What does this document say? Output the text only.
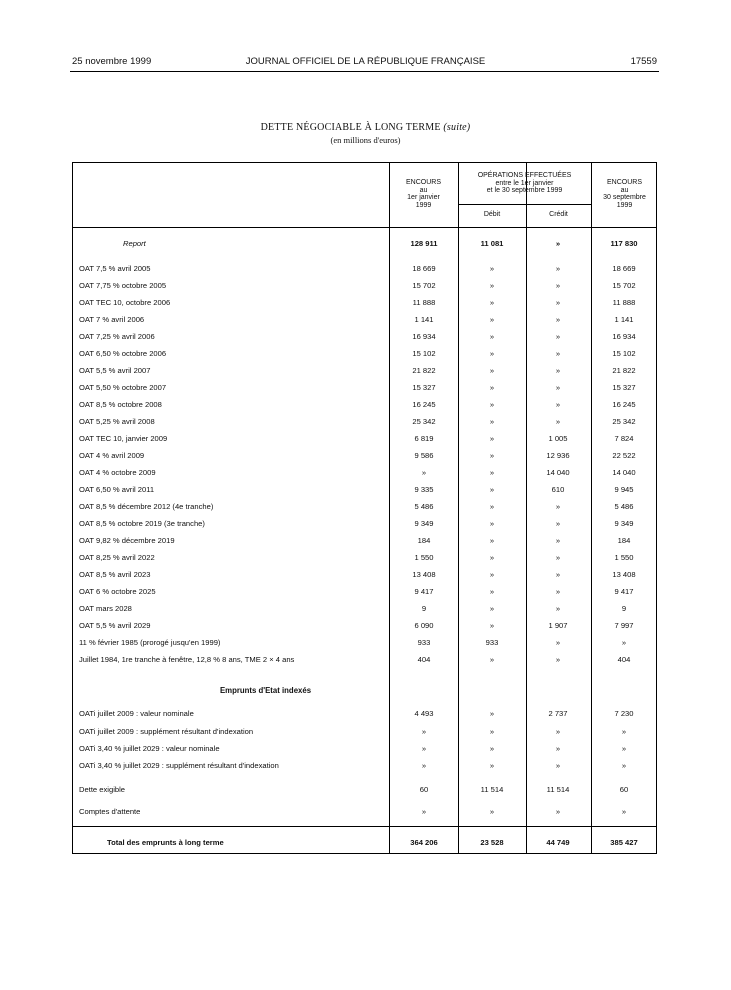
25 novembre 1999	JOURNAL OFFICIEL DE LA RÉPUBLIQUE FRANÇAISE	17559
DETTE NÉGOCIABLE À LONG TERME (suite)
(en millions d'euros)
ENCOURS
au
1er janvier
1999
OPÉRATIONS EFFECTUÉES
entre le 1er janvier
et le 30 septembre 1999
Débit	Crédit
ENCOURS
au
30 septembre
1999
Emprunts d'Etat indexés
Report	128 911	11 081	»	117 830
OAT 7,5 % avril 2005	18 669	»	»	18 669
OAT 7,75 % octobre 2005	15 702	»	»	15 702
OAT TEC 10, octobre 2006	11 888	»	»	11 888
OAT 7 % avril 2006	1 141	»	»	1 141
OAT 7,25 % avril 2006	16 934	»	»	16 934
OAT 6,50 % octobre 2006	15 102	»	»	15 102
OAT 5,5 % avril 2007	21 822	»	»	21 822
OAT 5,50 % octobre 2007	15 327	»	»	15 327
OAT 8,5 % octobre 2008	16 245	»	»	16 245
OAT 5,25 % avril 2008	25 342	»	»	25 342
OAT TEC 10, janvier 2009	6 819	»	1 005	7 824
OAT 4 % avril 2009	9 586	»	12 936	22 522
OAT 4 % octobre 2009	»	»	14 040	14 040
OAT 6,50 % avril 2011	9 335	»	610	9 945
OAT 8,5 % décembre 2012 (4e tranche)	5 486	»	»	5 486
OAT 8,5 % octobre 2019 (3e tranche)	9 349	»	»	9 349
OAT 9,82 % décembre 2019	184	»	»	184
OAT 8,25 % avril 2022	1 550	»	»	1 550
OAT 8,5 % avril 2023	13 408	»	»	13 408
OAT 6 % octobre 2025	9 417	»	»	9 417
OAT mars 2028	9	»	»	9
OAT 5,5 % avril 2029	6 090	»	1 907	7 997
11 % février 1985 (prorogé jusqu'en 1999)	933	933	»	»
Juillet 1984, 1re tranche à fenêtre, 12,8 % 8 ans, TME 2 × 4 ans	404	»	»	404
OATi juillet 2009 : valeur nominale	4 493	»	2 737	7 230
OATi juillet 2009 : supplément résultant d'indexation	»	»	»	»
OATi 3,40 % juillet 2029 : valeur nominale	»	»	»	»
OATi 3,40 % juillet 2029 : supplément résultant d'indexation	»	»	»	»
Dette exigible	60	11 514	11 514	60
Comptes d'attente	»	»	»	»
Total des emprunts à long terme	364 206	23 528	44 749	385 427
